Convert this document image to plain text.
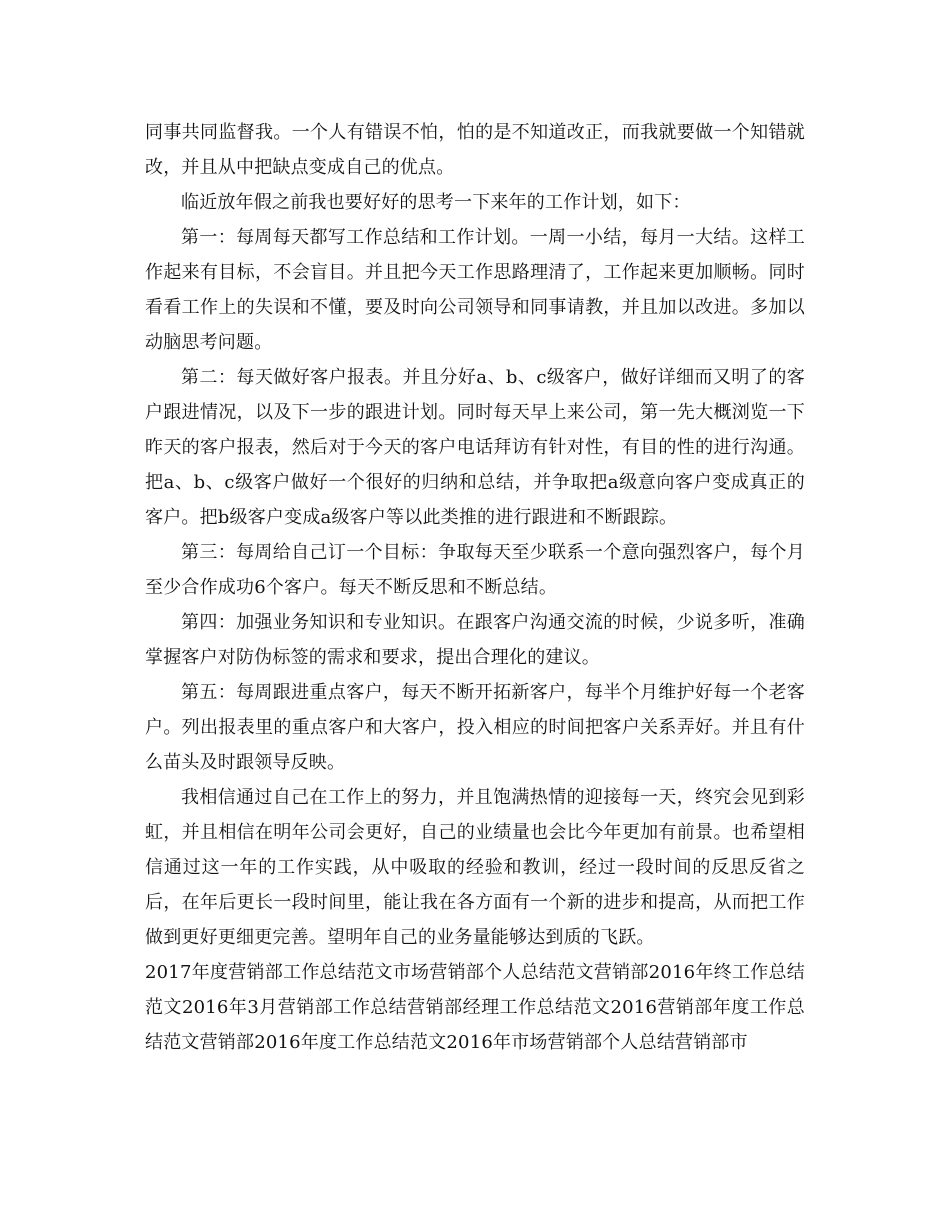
同事共同监督我。一个人有错误不怕，怕的是不知道改正，而我就要做一个知错就改，并且从中把缺点变成自己的优点。

临近放年假之前我也要好好的思考一下来年的工作计划，如下：

第一：每周每天都写工作总结和工作计划。一周一小结，每月一大结。这样工作起来有目标，不会盲目。并且把今天工作思路理清了，工作起来更加顺畅。同时看看工作上的失误和不懂，要及时向公司领导和同事请教，并且加以改进。多加以动脑思考问题。

第二：每天做好客户报表。并且分好a、b、c级客户，做好详细而又明了的客户跟进情况，以及下一步的跟进计划。同时每天早上来公司，第一先大概浏览一下昨天的客户报表，然后对于今天的客户电话拜访有针对性，有目的性的进行沟通。把a、b、c级客户做好一个很好的归纳和总结，并争取把a级意向客户变成真正的客户。把b级客户变成a级客户等以此类推的进行跟进和不断跟踪。

第三：每周给自己订一个目标：争取每天至少联系一个意向强烈客户，每个月至少合作成功6个客户。每天不断反思和不断总结。

第四：加强业务知识和专业知识。在跟客户沟通交流的时候，少说多听，准确掌握客户对防伪标签的需求和要求，提出合理化的建议。

第五：每周跟进重点客户，每天不断开拓新客户，每半个月维护好每一个老客户。列出报表里的重点客户和大客户，投入相应的时间把客户关系弄好。并且有什么苗头及时跟领导反映。

我相信通过自己在工作上的努力，并且饱满热情的迎接每一天，终究会见到彩虹，并且相信在明年公司会更好，自己的业绩量也会比今年更加有前景。也希望相信通过这一年的工作实践，从中吸取的经验和教训，经过一段时间的反思反省之后，在年后更长一段时间里，能让我在各方面有一个新的进步和提高，从而把工作做到更好更细更完善。望明年自己的业务量能够达到质的飞跃。

2017年度营销部工作总结范文市场营销部个人总结范文营销部2016年终工作总结范文2016年3月营销部工作总结营销部经理工作总结范文2016营销部年度工作总结范文营销部2016年度工作总结范文2016年市场营销部个人总结营销部市
